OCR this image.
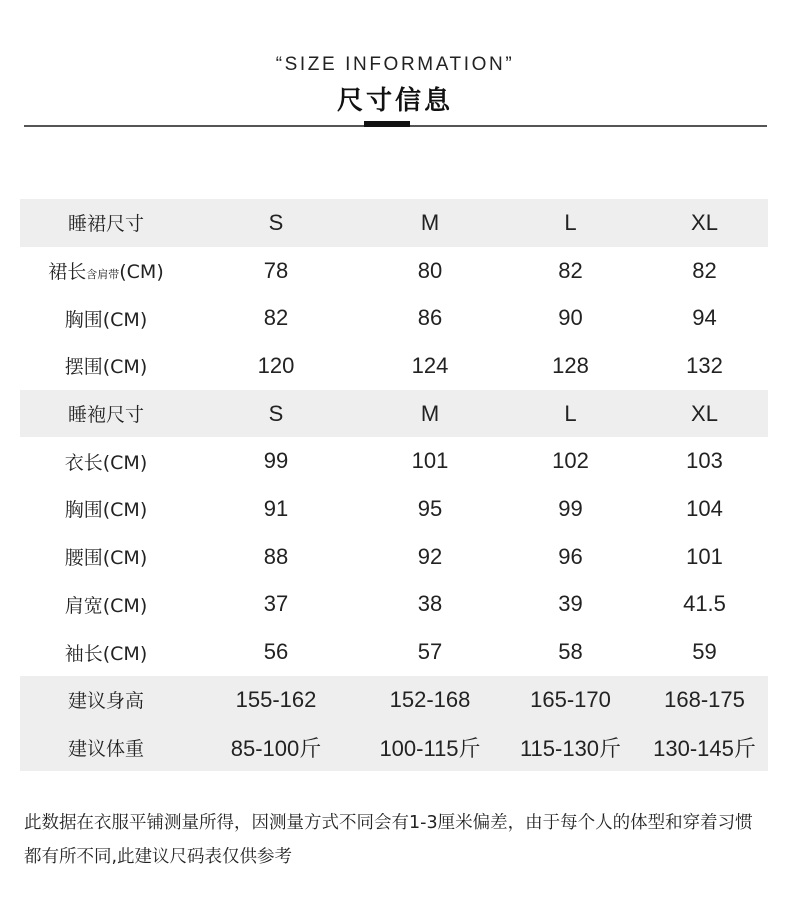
“SIZE INFORMATION”
尺寸信息
睡裙尺寸	S	M	L	XL
裙长含肩带(CM)	78	80	82	82
胸围(CM)	82	86	90	94
摆围(CM)	120	124	128	132
睡袍尺寸	S	M	L	XL
衣长(CM)	99	101	102	103
胸围(CM)	91	95	99	104
腰围(CM)	88	92	96	101
肩宽(CM)	37	38	39	41.5
袖长(CM)	56	57	58	59
建议身高	155-162	152-168	165-170	168-175
建议体重	85-100斤	100-115斤	115-130斤	130-145斤
此数据在衣服平铺测量所得，因测量方式不同会有1-3厘米偏差，由于每个人的体型和穿着习惯都有所不同,此建议尺码表仅供参考
